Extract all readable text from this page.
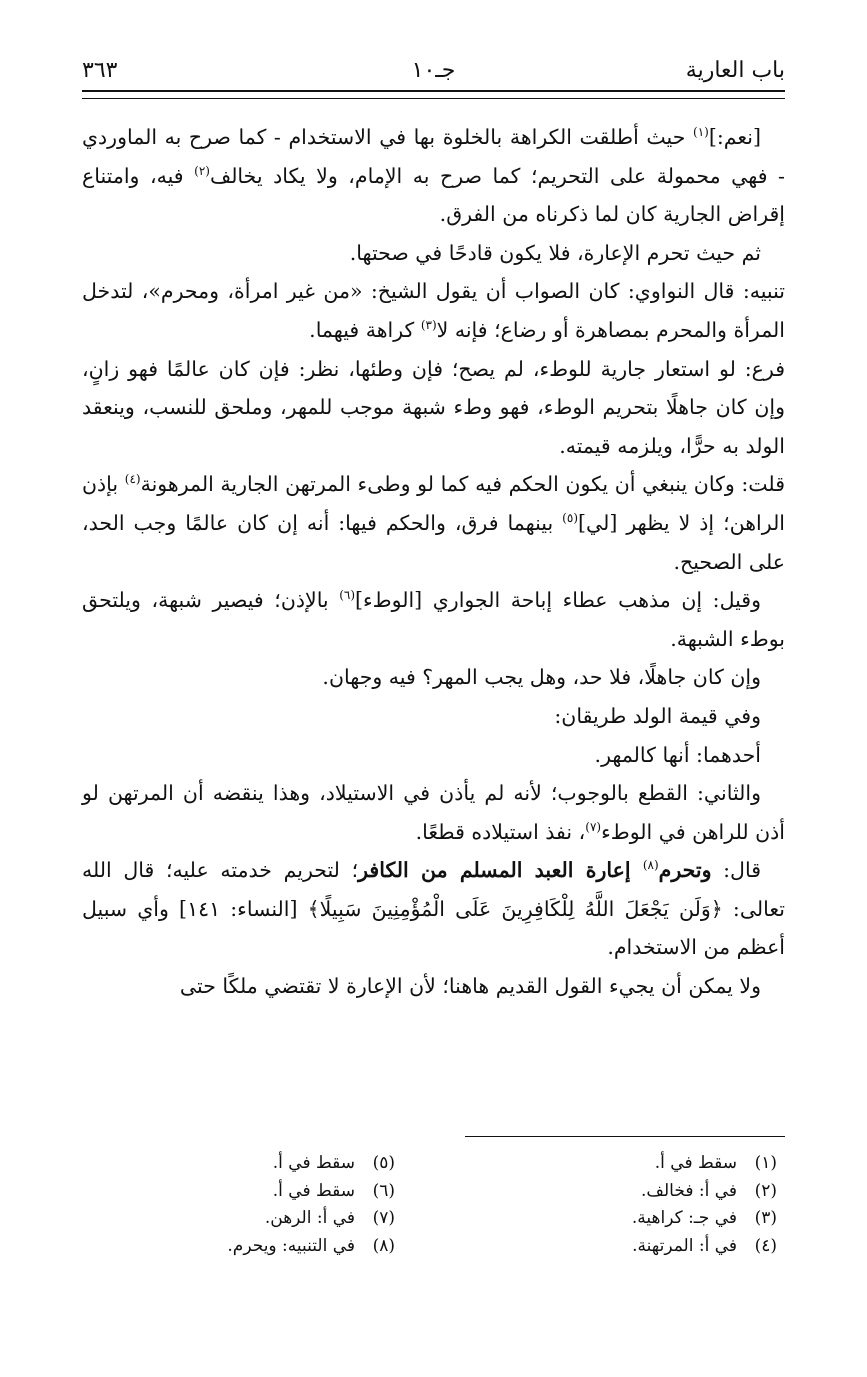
باب العارية
جـ١٠
٣٦٣

[نعم:]$^{(١)}$ حيث أطلقت الكراهة بالخلوة بها في الاستخدام - كما صرح به الماوردي - فهي محمولة على التحريم؛ كما صرح به الإمام، ولا يكاد يخالف$^{(٢)}$ فيه، وامتناع إقراض الجارية كان لما ذكرناه من الفرق.

ثم حيث تحرم الإعارة، فلا يكون قادحًا في صحتها.

تنبيه: قال النواوي: كان الصواب أن يقول الشيخ: «من غير امرأة، ومحرم»، لتدخل المرأة والمحرم بمصاهرة أو رضاع؛ فإنه لا$^{(٣)}$ كراهة فيهما.

فرع: لو استعار جارية للوطء، لم يصح؛ فإن وطئها، نظر: فإن كان عالمًا فهو زانٍ، وإن كان جاهلًا بتحريم الوطء، فهو وطء شبهة موجب للمهر، وملحق للنسب، وينعقد الولد به حرًّا، ويلزمه قيمته.

قلت: وكان ينبغي أن يكون الحكم فيه كما لو وطىء المرتهن الجارية المرهونة$^{(٤)}$ بإذن الراهن؛ إذ لا يظهر [لي]$^{(٥)}$ بينهما فرق، والحكم فيها: أنه إن كان عالمًا وجب الحد، على الصحيح.

وقيل: إن مذهب عطاء إباحة الجواري [الوطء]$^{(٦)}$ بالإذن؛ فيصير شبهة، ويلتحق بوطء الشبهة.

وإن كان جاهلًا، فلا حد، وهل يجب المهر؟ فيه وجهان.

وفي قيمة الولد طريقان:

أحدهما: أنها كالمهر.

والثاني: القطع بالوجوب؛ لأنه لم يأذن في الاستيلاد، وهذا ينقضه أن المرتهن لو أذن للراهن في الوطء$^{(٧)}$، نفذ استيلاده قطعًا.

قال: وتحرم$^{(٨)}$ إعارة العبد المسلم من الكافر؛ لتحريم خدمته عليه؛ قال الله تعالى: ﴿وَلَن يَجْعَلَ اللَّهُ لِلْكَافِرِينَ عَلَى الْمُؤْمِنِينَ سَبِيلًا﴾ [النساء: ١٤١] وأي سبيل أعظم من الاستخدام.

ولا يمكن أن يجيء القول القديم هاهنا؛ لأن الإعارة لا تقتضي ملكًا حتى

(١)سقط في أ.
(٢)في أ: فخالف.
(٣)في جـ: كراهية.
(٤)في أ: المرتهنة.
(٥)سقط في أ.
(٦)سقط في أ.
(٧)في أ: الرهن.
(٨)في التنبيه: ويحرم.
